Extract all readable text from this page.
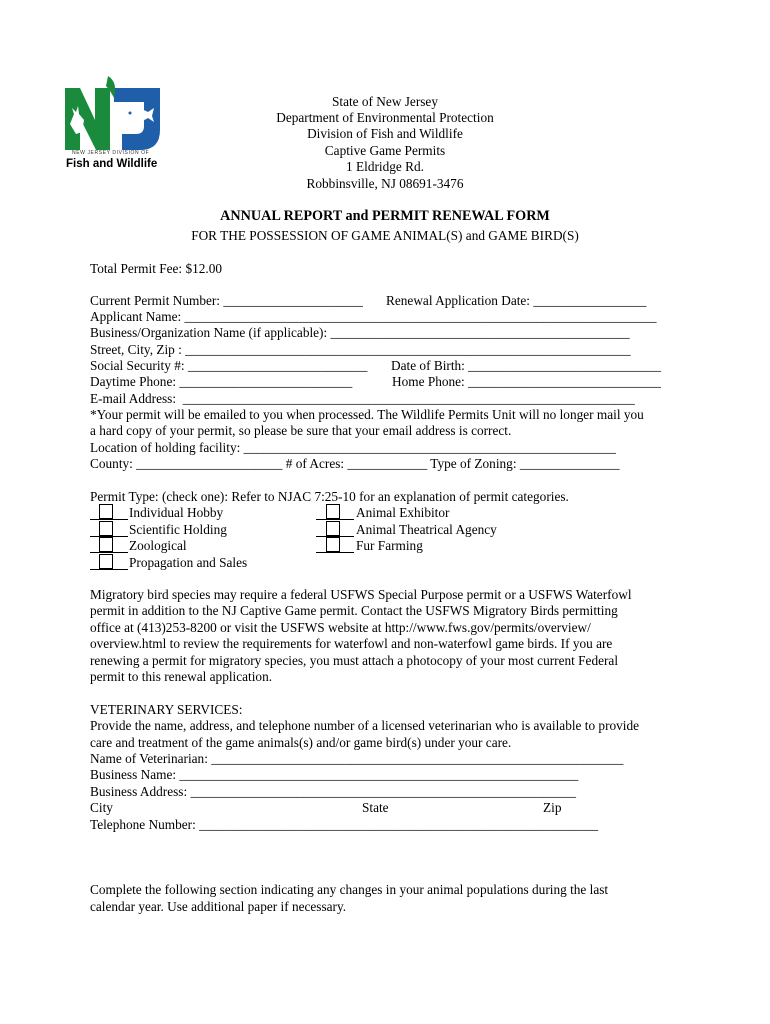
NEW JERSEY DIVISION OF
Fish and Wildlife
State of New Jersey
Department of Environmental Protection
Division of Fish and Wildlife
Captive Game Permits
1 Eldridge Rd.
Robbinsville, NJ 08691-3476
ANNUAL REPORT and PERMIT RENEWAL FORM
FOR THE POSSESSION OF GAME ANIMAL(S) and GAME BIRD(S)
Total Permit Fee: $12.00
Current Permit Number: _____________________ Renewal Application Date: _________________
Applicant Name: _______________________________________________________________________
Business/Organization Name (if applicable): _____________________________________________
Street, City, Zip : ___________________________________________________________________
Social Security #: ___________________________ Date of Birth: _____________________________
Daytime Phone: __________________________	Home Phone: _____________________________
E-mail Address:  ____________________________________________________________________
*Your permit will be emailed to you when processed. The Wildlife Permits Unit will no longer mail you
a hard copy of your permit, so please be sure that your email address is correct.
Location of holding facility: ________________________________________________________
County: ______________________ # of Acres: ____________ Type of Zoning: _______________
Permit Type: (check one): Refer to NJAC 7:25-10 for an explanation of permit categories.
Individual Hobby
Scientific Holding
Zoological
Propagation and Sales
Animal Exhibitor
Animal Theatrical Agency
Fur Farming
Migratory bird species may require a federal USFWS Special Purpose permit or a USFWS Waterfowl
permit in addition to the NJ Captive Game permit. Contact the USFWS Migratory Birds permitting
office at (413)253-8200 or visit the USFWS website at http://www.fws.gov/permits/overview/
overview.html to review the requirements for waterfowl and non-waterfowl game birds. If you are
renewing a permit for migratory species, you must attach a photocopy of your most current Federal
permit to this renewal application.
VETERINARY SERVICES:
Provide the name, address, and telephone number of a licensed veterinarian who is available to provide
care and treatment of the game animals(s) and/or game bird(s) under your care.
Name of Veterinarian: ______________________________________________________________
Business Name: ____________________________________________________________
Business Address: __________________________________________________________
City	State	Zip
Telephone Number: ____________________________________________________________
Complete the following section indicating any changes in your animal populations during the last
calendar year. Use additional paper if necessary.
